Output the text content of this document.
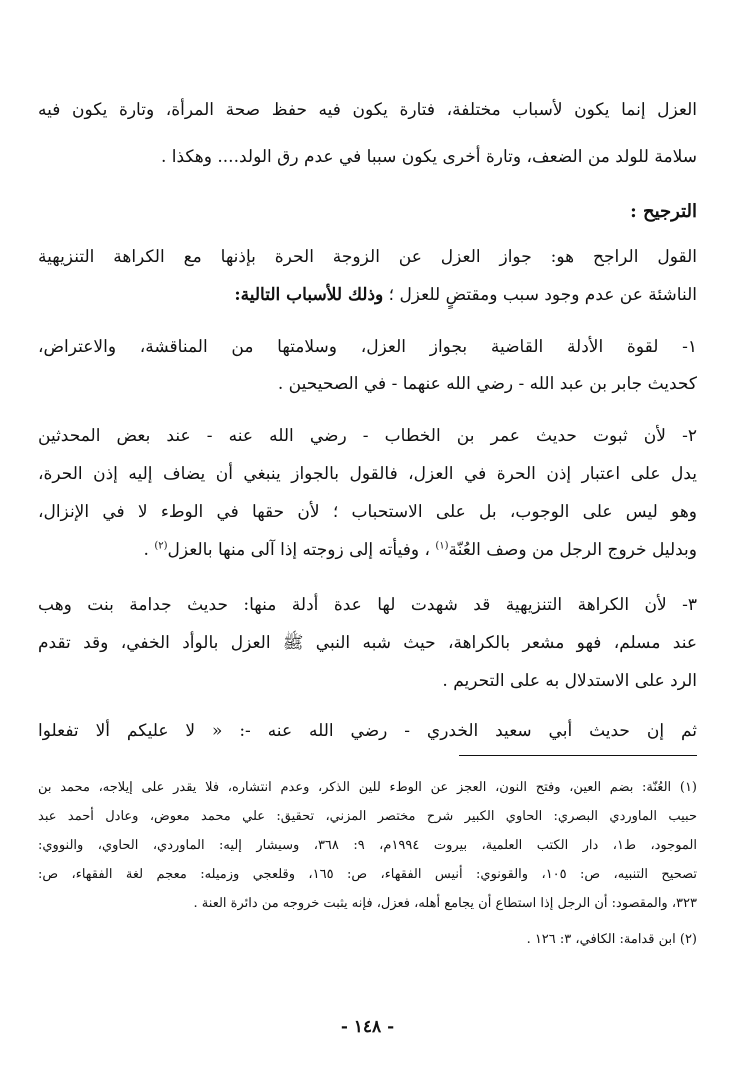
العزل إنما يكون لأسباب مختلفة، فتارة يكون فيه حفظ صحة المرأة، وتارة يكون فيه
سلامة للولد من الضعف، وتارة أخرى يكون سببا في عدم رق الولد.... وهكذا .
الترجيح :
القول الراجح هو: جواز العزل عن الزوجة الحرة بإذنها مع الكراهة التنزيهية
الناشئة عن عدم وجود سبب ومقتضٍ للعزل ؛ وذلك للأسباب التالية:
١- لقوة الأدلة القاضية بجواز العزل، وسلامتها من المناقشة، والاعتراض،
كحديث جابر بن عبد الله - رضي الله عنهما - في الصحيحين .
٢- لأن ثبوت حديث عمر بن الخطاب - رضي الله عنه - عند بعض المحدثين
يدل على اعتبار إذن الحرة في العزل، فالقول بالجواز ينبغي أن يضاف إليه إذن الحرة،
وهو ليس على الوجوب، بل على الاستحباب ؛ لأن حقها في الوطء لا في الإنزال،
وبدليل خروج الرجل من وصف العُنّة$^{(١)}$ ، وفيأته إلى زوجته إذا آلى منها بالعزل$^{(٢)}$ .
٣- لأن الكراهة التنزيهية قد شهدت لها عدة أدلة منها: حديث جدامة بنت وهب
عند مسلم، فهو مشعر بالكراهة، حيث شبه النبي ﷺ العزل بالوأد الخفي، وقد تقدم
الرد على الاستدلال به على التحريم .
ثم إن حديث أبي سعيد الخدري - رضي الله عنه -: « لا عليكم ألا تفعلوا
(١) العُنّة: بضم العين، وفتح النون، العجز عن الوطء للين الذكر، وعدم انتشاره، فلا يقدر على إيلاجه، محمد بن
حبيب الماوردي البصري: الحاوي الكبير شرح مختصر المزني، تحقيق: علي محمد معوض، وعادل أحمد عبد
الموجود، ط١، دار الكتب العلمية، بيروت ١٩٩٤م، ٩: ٣٦٨، وسيشار إليه: الماوردي، الحاوي، والنووي:
تصحيح التنبيه، ص: ١٠٥، والقونوي: أنيس الفقهاء، ص: ١٦٥، وقلعجي وزميله: معجم لغة الفقهاء، ص:
٣٢٣، والمقصود: أن الرجل إذا استطاع أن يجامع أهله، فعزل، فإنه يثبت خروجه من دائرة العنة .
(٢) ابن قدامة: الكافي، ٣: ١٢٦ .
- ١٤٨ -
